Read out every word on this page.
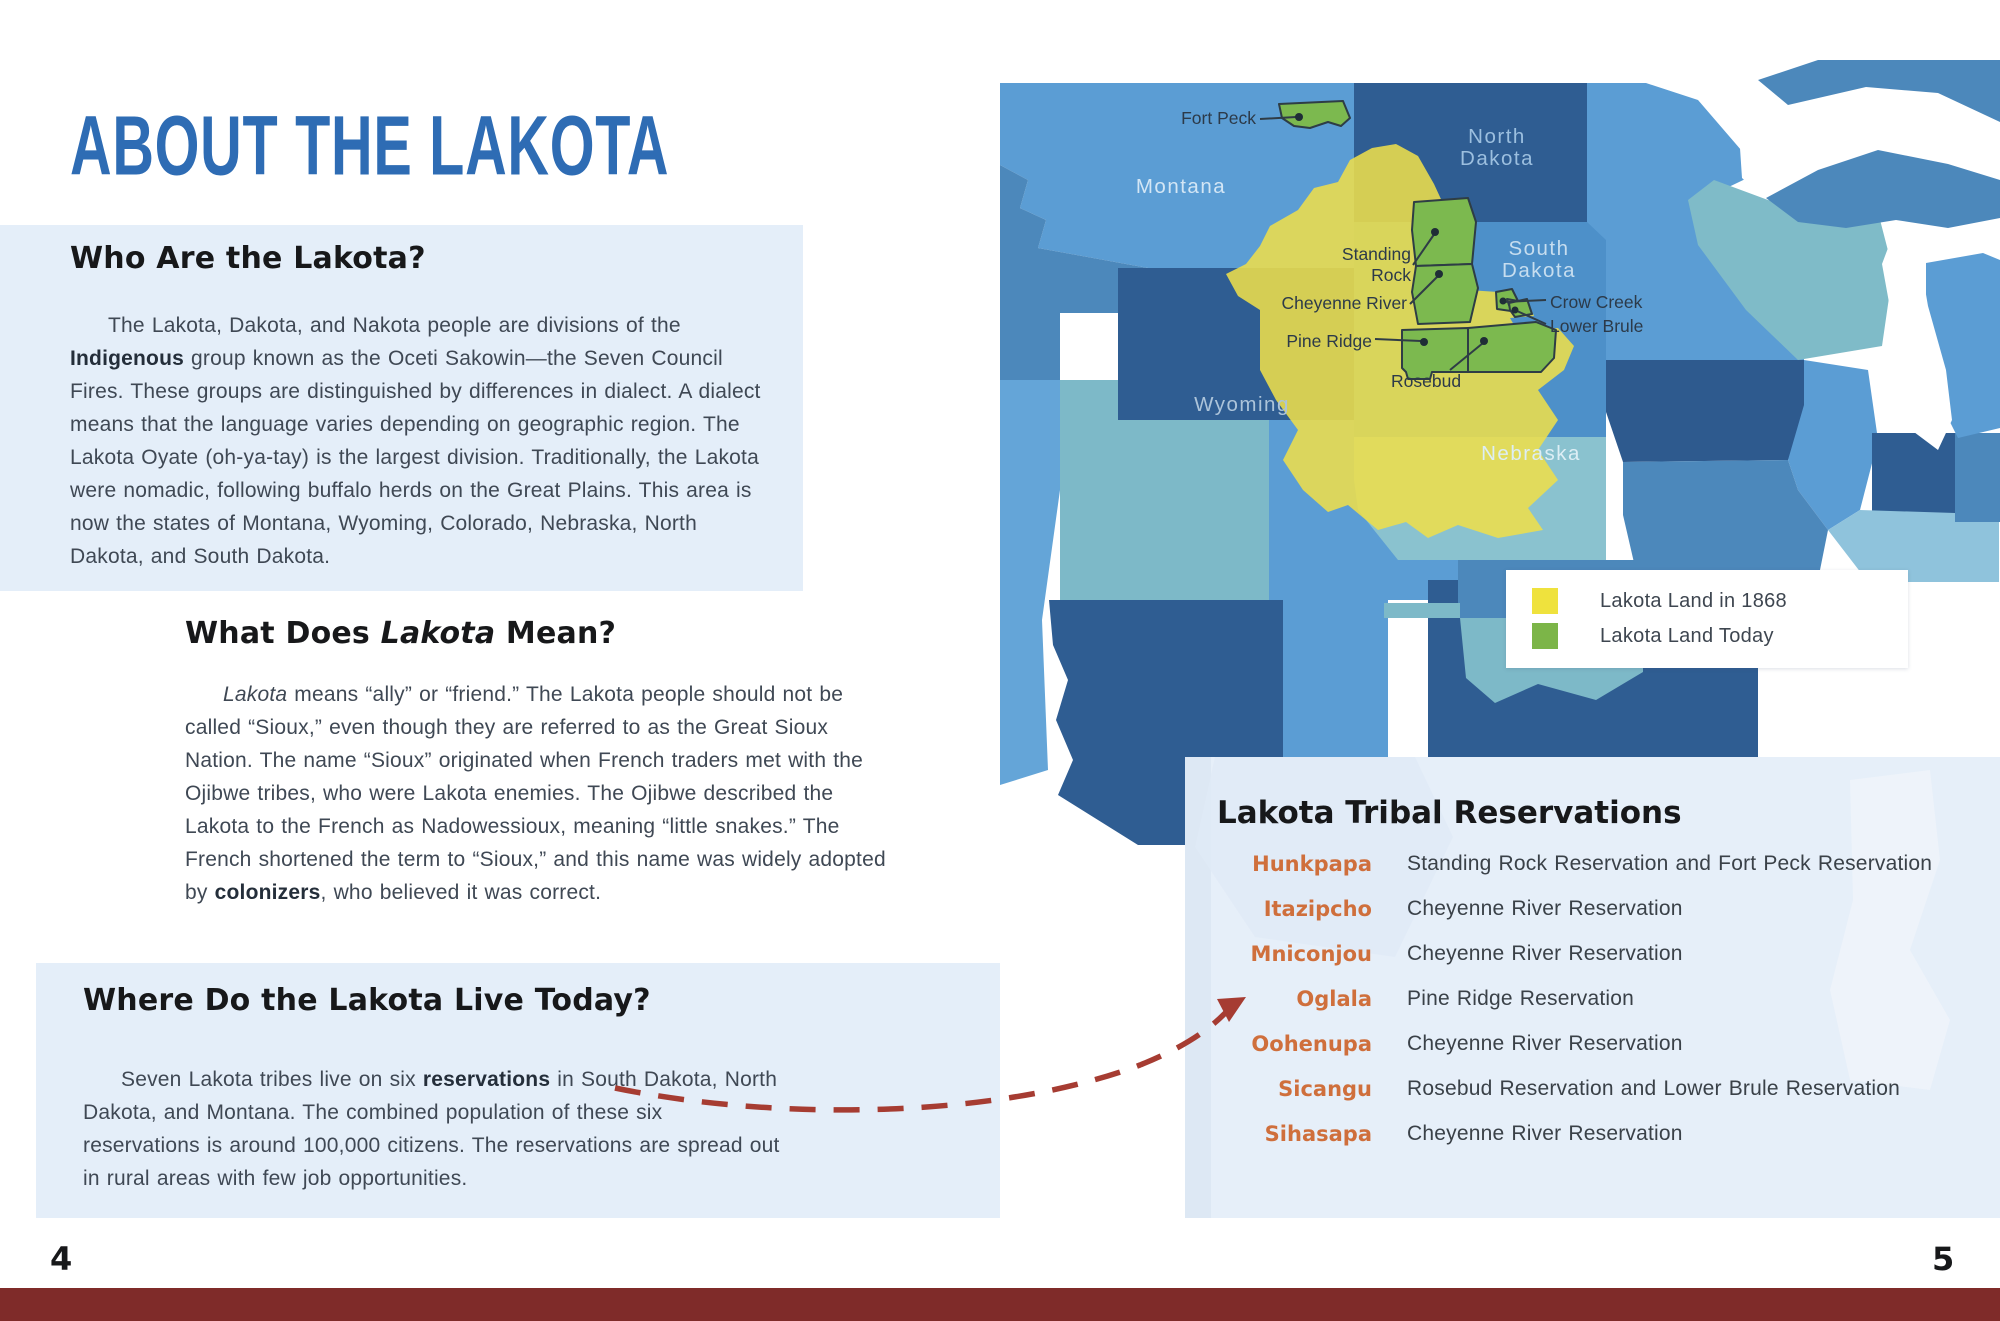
ABOUT THE LAKOTA
Who Are the Lakota?
The Lakota, Dakota, and Nakota people are divisions of the Indigenous group known as the Oceti Sakowin—the Seven Council Fires. These groups are distinguished by differences in dialect. A dialect means that the language varies depending on geographic region. The Lakota Oyate (oh-ya-tay) is the largest division. Traditionally, the Lakota were nomadic, following buffalo herds on the Great Plains. This area is now the states of Montana, Wyoming, Colorado, Nebraska, North Dakota, and South Dakota.
What Does Lakota Mean?
Lakota means “ally” or “friend.” The Lakota people should not be called “Sioux,” even though they are referred to as the Great Sioux Nation. The name “Sioux” originated when French traders met with the Ojibwe tribes, who were Lakota enemies. The Ojibwe described the Lakota to the French as Nadowessioux, meaning “little snakes.” The French shortened the term to “Sioux,” and this name was widely adopted by colonizers, who believed it was correct.
Where Do the Lakota Live Today?
Seven Lakota tribes live on six reservations in South Dakota, North Dakota, and Montana. The combined population of these six reservations is around 100,000 citizens. The reservations are spread out in rural areas with few job opportunities.
Fort Peck
Standing
Rock
Cheyenne River	Crow Creek
Lower Brule
Pine Ridge
Rosebud
Montana
North
Dakota
South
Dakota
Wyoming
Nebraska
Lakota Land in 1868
Lakota Land Today
Lakota Tribal Reservations
Hunkpapa Standing Rock Reservation and Fort Peck Reservation
Itazipcho Cheyenne River Reservation
Mniconjou Cheyenne River Reservation
Oglala Pine Ridge Reservation
Oohenupa Cheyenne River Reservation
Sicangu Rosebud Reservation and Lower Brule Reservation
Sihasapa Cheyenne River Reservation
4	5
